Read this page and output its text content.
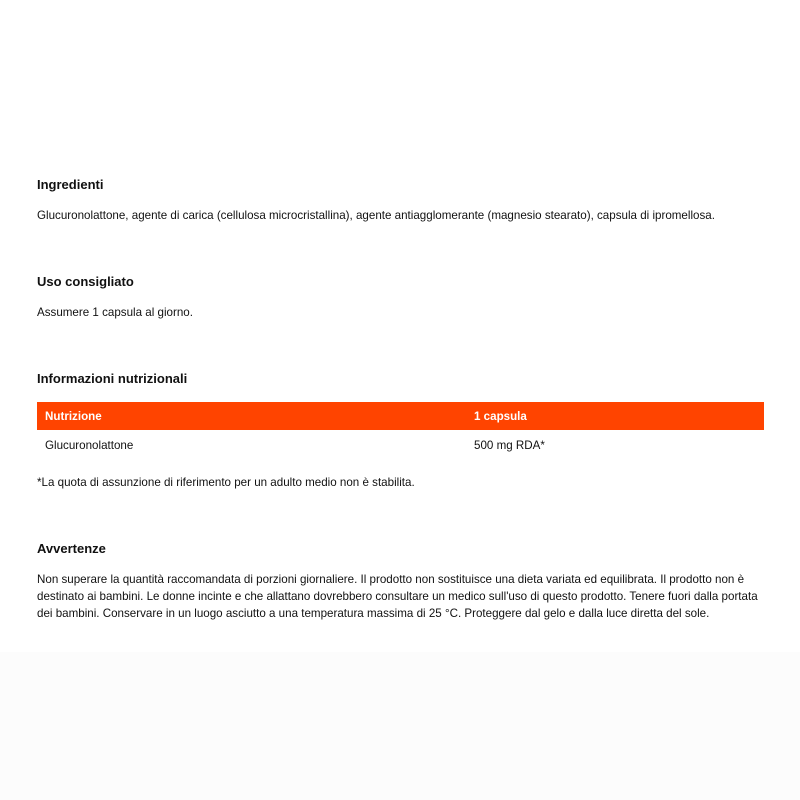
Ingredienti

Glucuronolattone, agente di carica (cellulosa microcristallina), agente antiagglomerante (magnesio stearato), capsula di ipromellosa.

Uso consigliato

Assumere 1 capsula al giorno.

Informazioni nutrizionali
Nutrizione	1 capsula
Glucuronolattone	500 mg RDA*

*La quota di assunzione di riferimento per un adulto medio non è stabilita.

Avvertenze

Non superare la quantità raccomandata di porzioni giornaliere. Il prodotto non sostituisce una dieta variata ed equilibrata. Il prodotto non è destinato ai bambini. Le donne incinte e che allattano dovrebbero consultare un medico sull'uso di questo prodotto. Tenere fuori dalla portata dei bambini. Conservare in un luogo asciutto a una temperatura massima di 25 °C. Proteggere dal gelo e dalla luce diretta del sole.
